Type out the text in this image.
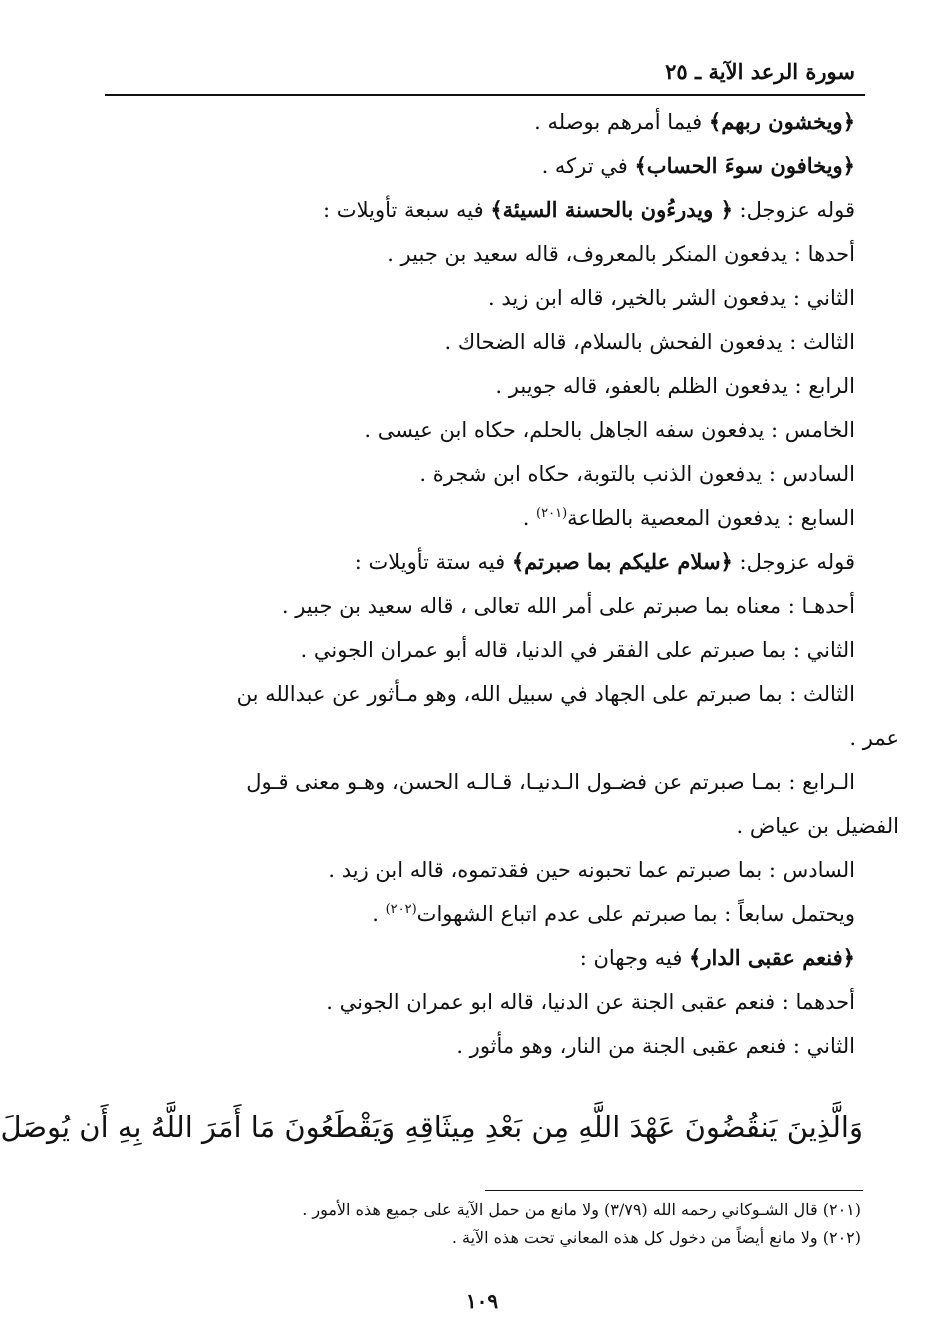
سورة الرعد الآية ـ ٢٥
﴿ويخشون ربهم﴾ فيما أمرهم بوصله .
﴿ويخافون سوءَ الحساب﴾ في تركه .
قوله عزوجل: ﴿ ويدرءُون بالحسنة السيئة﴾ فيه سبعة تأويلات :
أحدها : يدفعون المنكر بالمعروف، قاله سعيد بن جبير .
الثاني : يدفعون الشر بالخير، قاله ابن زيد .
الثالث : يدفعون الفحش بالسلام، قاله الضحاك .
الرابع : يدفعون الظلم بالعفو، قاله جويبر .
الخامس : يدفعون سفه الجاهل بالحلم، حكاه ابن عيسى .
السادس : يدفعون الذنب بالتوبة، حكاه ابن شجرة .
السابع : يدفعون المعصية بالطاعة$^{(٢٠١)}$ .
قوله عزوجل: ﴿سلام عليكم بما صبرتم﴾ فيه ستة تأويلات :
أحدهـا : معناه بما صبرتم على أمر الله تعالى ، قاله سعيد بن جبير .
الثاني : بما صبرتم على الفقر في الدنيا، قاله أبو عمران الجوني .
الثالث : بما صبرتم على الجهاد في سبيل الله، وهو مـأثور عن عبدالله بن
عمر .
الـرابع : بمـا صبرتم عن فضـول الـدنيـا، قـالـه الحسن، وهـو معنى قـول
الفضيل بن عياض .
السادس : بما صبرتم عما تحبونه حين فقدتموه، قاله ابن زيد .
ويحتمل سابعاً : بما صبرتم على عدم اتباع الشهوات$^{(٢٠٢)}$ .
﴿فنعم عقبى الدار﴾ فيه وجهان :
أحدهما : فنعم عقبى الجنة عن الدنيا، قاله ابو عمران الجوني .
الثاني : فنعم عقبى الجنة من النار، وهو مأثور .
وَالَّذِينَ يَنقُضُونَ عَهْدَ اللَّهِ مِن بَعْدِ مِيثَاقِهِ وَيَقْطَعُونَ مَا أَمَرَ اللَّهُ بِهِ أَن يُوصَلَ
(٢٠١) قال الشـوكاني رحمه الله (٣/٧٩) ولا مانع من حمل الآية على جميع هذه الأمور .
(٢٠٢) ولا مانع أيضاً من دخول كل هذه المعاني تحت هذه الآية .
١٠٩
